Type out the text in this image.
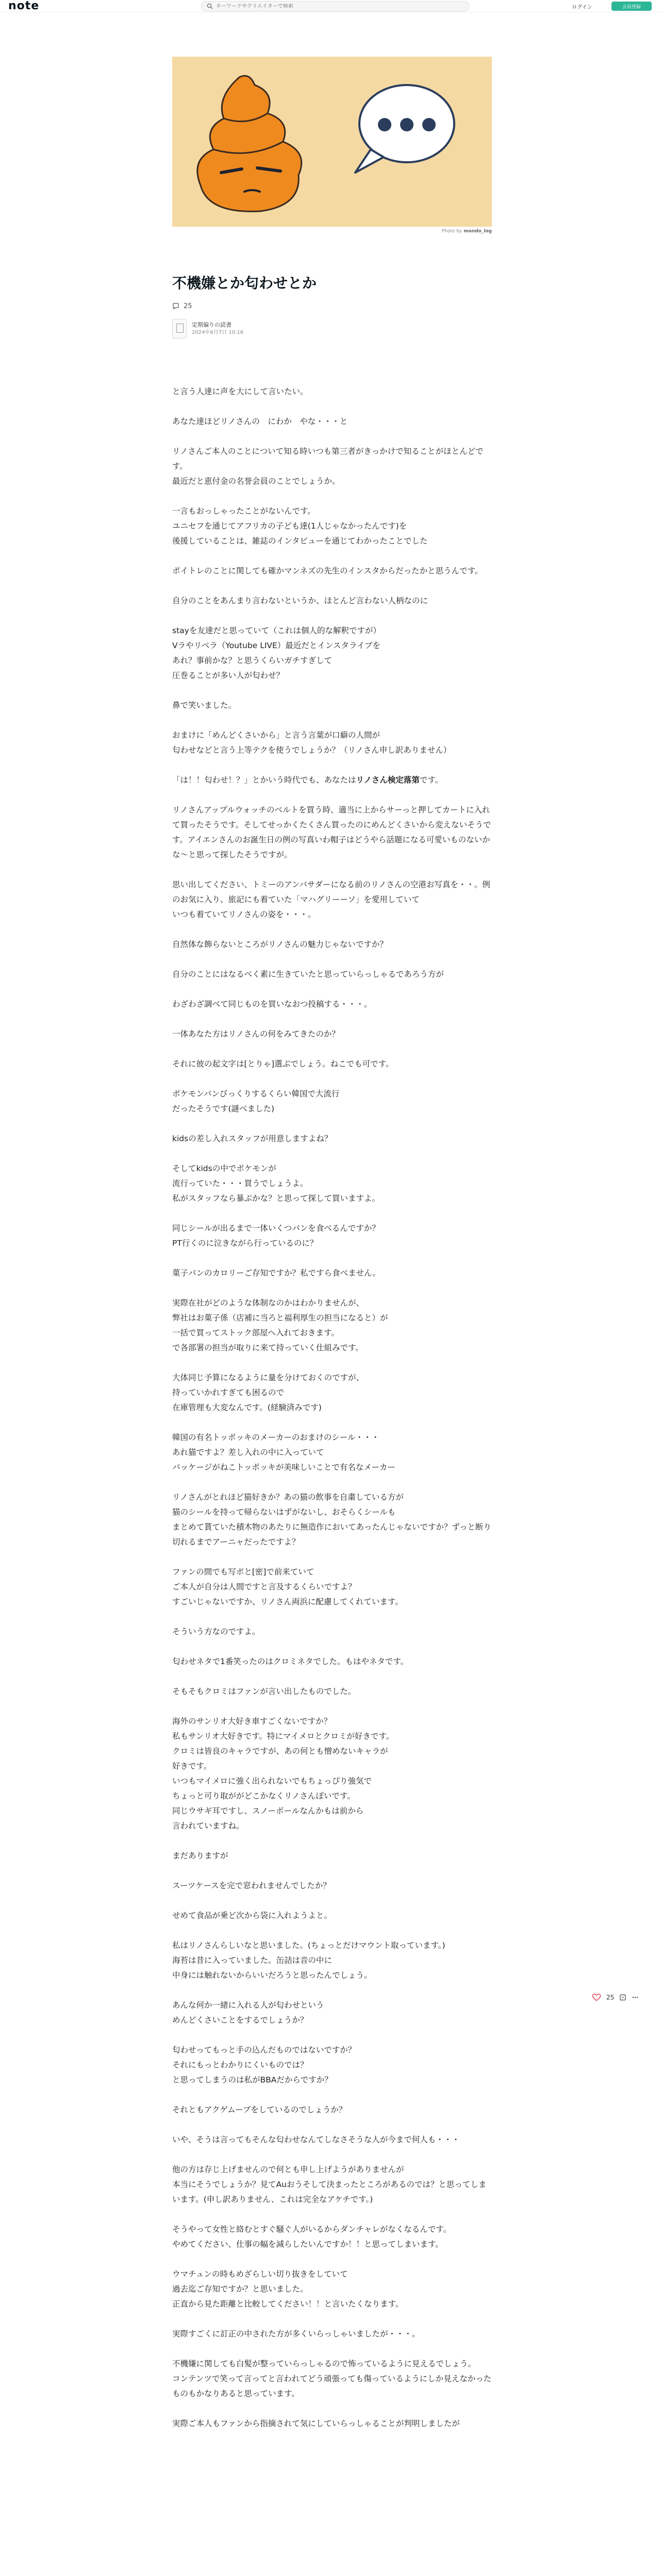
note
キーワードやクリエイターで検索	ログイン	会員登録
Photo by mondo_log
不機嫌とか匂わせとか
25
定期偏りの読書
2024年6月7日 10:16

と言う人達に声を大にして言いたい。

あなた達ほどリノさんの　にわか　やな・・・と

リノさんご本人のことについて知る時いつも第三者がきっかけで知ることがほとんどです。
最近だと恵付金の名誉会員のことでしょうか。

一言もおっしゃったことがないんです。
ユニセフを通じてアフリカの子ども達(1人じゃなかったんです)を
後援していることは、雑誌のインタビューを通じてわかったことでした

ポイトレのことに関しても確かマンネズの先生のインスタからだったかと思うんです。

自分のことをあんまり言わないというか、ほとんど言わない人柄なのに

stayを友達だと思っていて（これは個人的な解釈ですが）
Vラやリベラ（Youtube LIVE）最近だとインスタライブを
あれ？事前かな？と思うくらいガチすぎして
圧巻ることが多い人が匂わせ？

鼻で笑いました。

おまけに「めんどくさいから」と言う言葉が口癖の人間が
匂わせなどと言う上等テクを使うでしょうか？（リノさん申し訳ありません）

「は！！匂わせ！？」とかいう時代でも、あなたはリノさん検定落第です。

リノさんアップルウォッチのベルトを買う時、適当に上からサーっと押してカートに入れて買ったそうです。そしてせっかくたくさん買ったのにめんどくさいから変えないそうです。アイエンさんのお誕生日の例の写真いわ帽子はどうやら話題になる可愛いものないかな〜と思って探したそうですが。

思い出してください、トミーのアンバサダーになる前のリノさんの空港お写真を・・。例のお気に入り、旅記にも着ていた「マハグリーーソ」を愛用していて
いつも着ていてリノさんの姿を・・・。

自然体な飾らないところがリノさんの魅力じゃないですか？

自分のことにはなるべく素に生きていたと思っていらっしゃるであろう方が

わざわざ調べて同じものを買いなおつ投稿する・・・。

一体あなた方はリノさんの何をみてきたのか？

それに彼の起文字は[とりゃ]選ぶでしょう。ねこでも可です。

ポケモンパンびっくりするくらい韓国で大流行
だったそうです(謎べました)

kidsの差し入れスタッフが用意しますよね？

そしてkidsの中でポケモンが
流行っていた・・・買うでしょうよ。
私がスタッフなら暴ぶかな？と思って探して買いますよ。

同じシールが出るまで一体いくつパンを食べるんですか？
PT行くのに泣きながら行っているのに？

菓子パンのカロリーご存知ですか？私ですら食べません。

実際在社がどのような体制なのかはわかりませんが、
弊社はお菓子係（店補に当ろと福利厚生の担当になると）が
一括で買ってストック部屋へ入れておきます。
で各部署の担当が取りに来て持っていく仕組みです。

大体同じ予算になるように量を分けておくのですが、
持っていかれすぎても困るので
在庫管理も大変なんです。(経験済みです)

韓国の有名トッポッキのメーカーのおまけのシール・・・
あれ猫ですよ？差し入れの中に入っていて
パッケージがねこトッポッキが美味しいことで有名なメーカー

リノさんがとれほど猫好きか？あの猫の飲事を自粛している方が
猫のシールを持って帰らないはずがないし、おそらくシールも
まとめて貰ていた積木物のあたりに無造作においてあったんじゃないですか？ずっと断り切れるまでアーニャだったですよ？

ファンの間でも写ポと[密]で前来ていて
ご本人が自分は人間ですと言及するくらいですよ？
すごいじゃないですか、リノさん両浜に配慮してくれています。

そういう方なのですよ。

匂わせネタで1番笑ったのはクロミネタでした。もはやネタです。

そもそもクロミはファンが言い出したものでした。

海外のサンリオ大好き車すごくないですか？
私もサンリオ大好きです。特にマイメロとクロミが好きです。
クロミは皆良のキャラですが、あの何とも憎めないキャラが
好きです。
いつもマイメロに強く出られないでもちょっぴり強気で
ちょっと可り取ががどこかなくリノさんぽいです。
同じウサギ耳ですし、スノーボールなんかもは前から
言われていますね。

まだありますが

スーツケースを完で窓われませんでしたか？

せめて食品が乗ど次から袋に入れようよと。

私はリノさんらしいなと思いました。(ちょっとだけマウント取っています。)
海苔は昔に入っていました。缶詰は音の中に
中身には触れないからいいだろうと思ったんでしょう。

あんな何か一緒に入れる人が匂わせという
めんどくさいことをするでしょうか？

匂わせってもっと手の込んだものではないですか？
それにもっとわかりにくいものでは？
と思ってしまうのは私がBBAだからですか？

それともアクゲムーブをしているのでしょうか？

いや、そうは言ってもそんな匂わせなんてしなさそうな人が今まで何人も・・・

他の方は存じ上げませんので何とも申し上げようがありませんが
本当にそうでしょうか？見てAuおうそして決まったところがあるのでは？と思ってしまいます。(申し訳ありません、これは完全なアケチです。)

そうやって女性と絡むとすぐ騒ぐ人がいるからダンチャレがなくなるんです。
やめてください、仕事の幅を減らしたいんですか！！と思ってしまいます。

ウマチュンの時もめざらしい切り抜きをしていて
過去迄ご存知ですか？と思いました。
正直から見た距離と比較してください！！と言いたくなります。

実際すごくに訂正の中された方が多くいらっしゃいましたが・・・。

不機嫌に関しても白髪が整っていらっしゃるので怖っているように見えるでしょう。
コンテンツで笑って言ってと言われてどう頑張っても傷っているようにしか見えなかったものもかなりあると思っています。

実際ご本人もファンから指摘されて気にしていらっしゃることが判明しましたが

25
